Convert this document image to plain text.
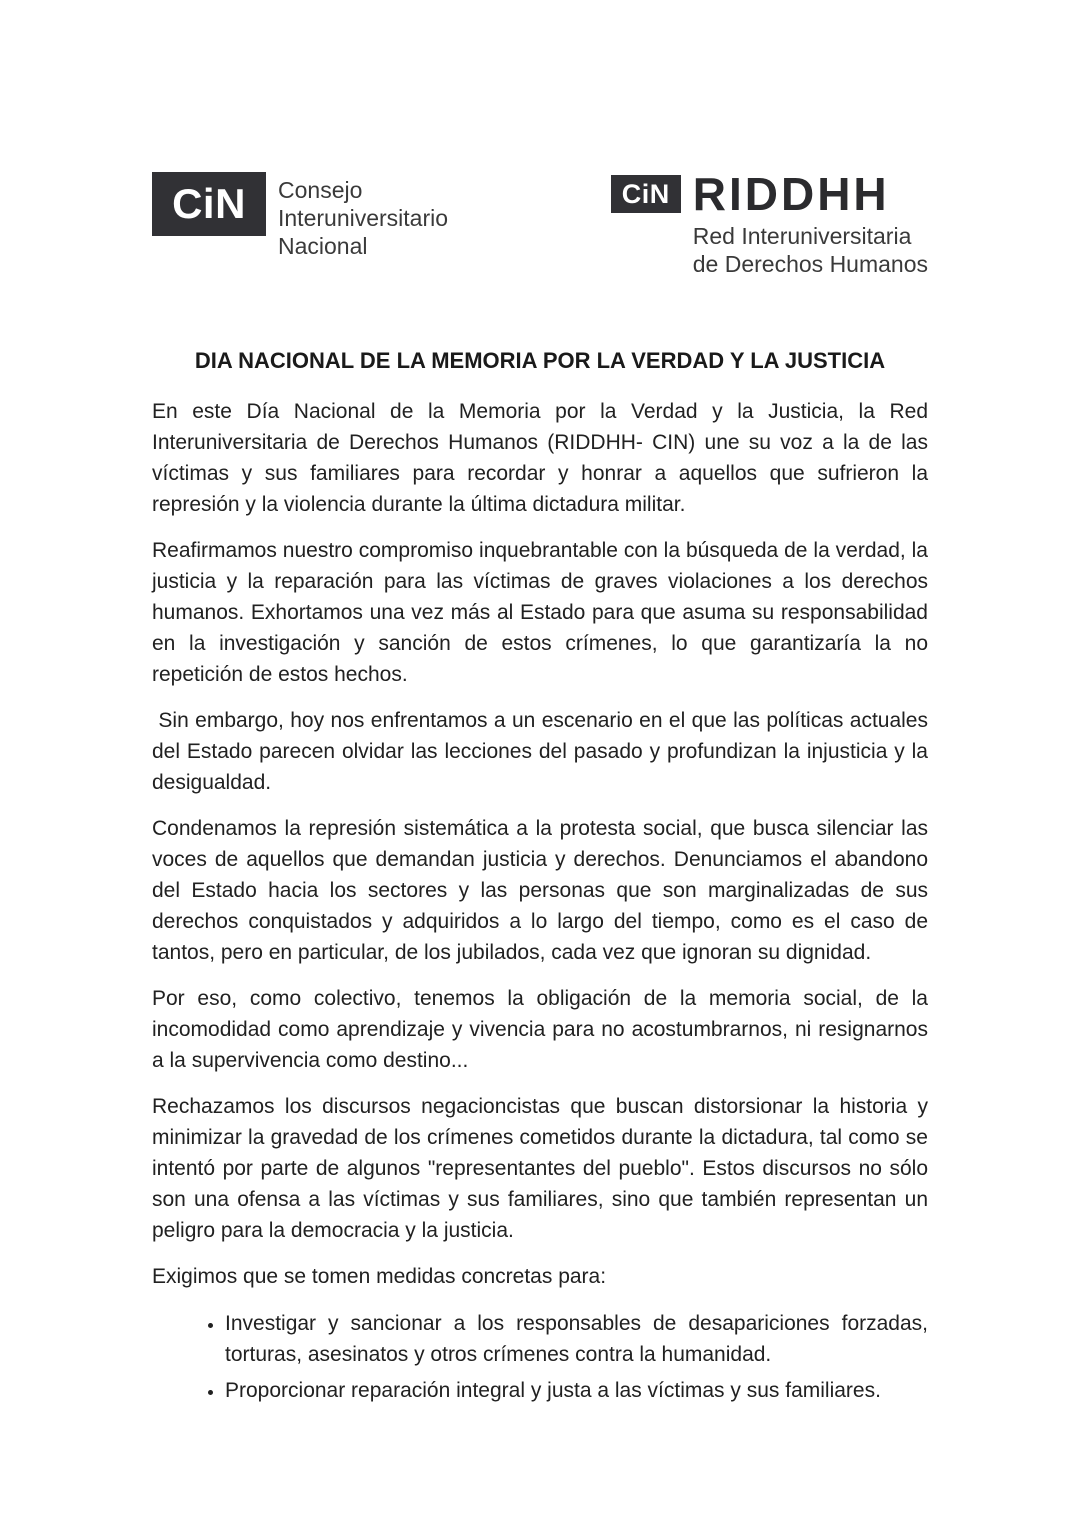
CiN	Consejo
Interuniversitario
Nacional
CiN RIDDHH
Red Interuniversitaria
de Derechos Humanos
DIA NACIONAL DE LA MEMORIA POR LA VERDAD Y LA JUSTICIA

En este Día Nacional de la Memoria por la Verdad y la Justicia, la Red Interuniversitaria de Derechos Humanos (RIDDHH- CIN) une su voz a la de las víctimas y sus familiares para recordar y honrar a aquellos que sufrieron la represión y la violencia durante la última dictadura militar.

Reafirmamos nuestro compromiso inquebrantable con la búsqueda de la verdad, la justicia y la reparación para las víctimas de graves violaciones a los derechos humanos. Exhortamos una vez más al Estado para que asuma su responsabilidad en la investigación y sanción de estos crímenes, lo que garantizaría la no repetición de estos hechos.

Sin embargo, hoy nos enfrentamos a un escenario en el que las políticas actuales del Estado parecen olvidar las lecciones del pasado y profundizan la injusticia y la desigualdad.

Condenamos la represión sistemática a la protesta social, que busca silenciar las voces de aquellos que demandan justicia y derechos. Denunciamos el abandono del Estado hacia los sectores y las personas que son marginalizadas de sus derechos conquistados y adquiridos a lo largo del tiempo, como es el caso de tantos, pero en particular, de los jubilados, cada vez que ignoran su dignidad.

Por eso, como colectivo, tenemos la obligación de la memoria social, de la incomodidad como aprendizaje y vivencia para no acostumbrarnos, ni resignarnos a la supervivencia como destino...

Rechazamos los discursos negacioncistas que buscan distorsionar la historia y minimizar la gravedad de los crímenes cometidos durante la dictadura, tal como se intentó por parte de algunos "representantes del pueblo". Estos discursos no sólo son una ofensa a las víctimas y sus familiares, sino que también representan un peligro para la democracia y la justicia.

Exigimos que se tomen medidas concretas para:

• Investigar y sancionar a los responsables de desapariciones forzadas, torturas, asesinatos y otros crímenes contra la humanidad.
• Proporcionar reparación integral y justa a las víctimas y sus familiares.
